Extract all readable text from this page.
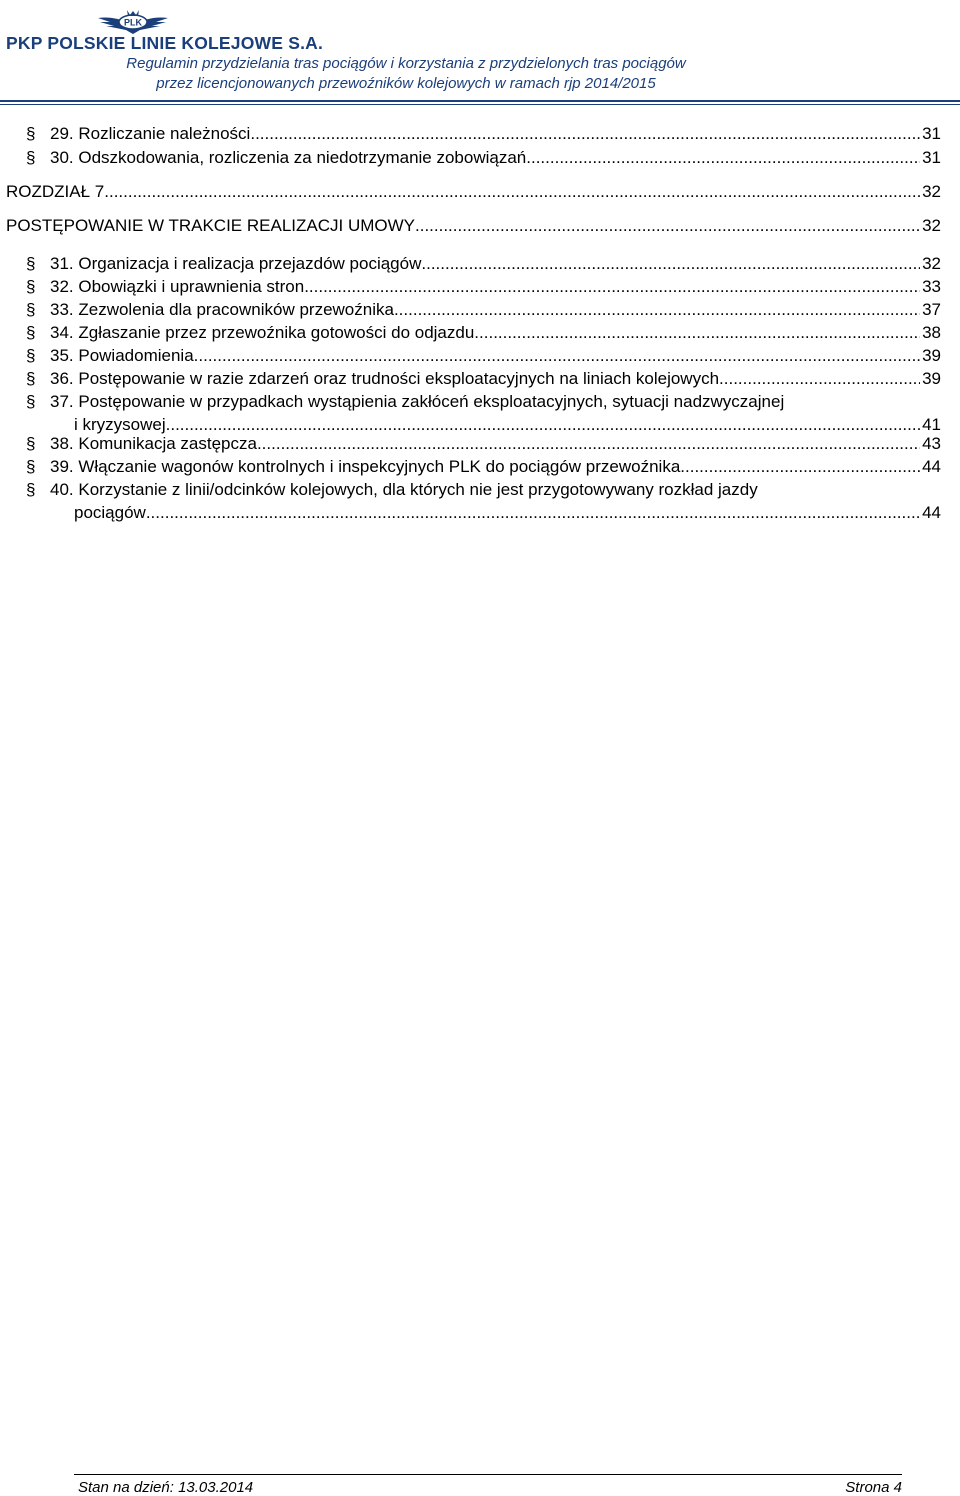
PLK
PKP POLSKIE LINIE KOLEJOWE S.A.
Regulamin przydzielania tras pociągów i korzystania z przydzielonych tras pociągów
przez licencjonowanych przewoźników kolejowych w ramach rjp 2014/2015
§ 29. Rozliczanie należności .....	31
§ 30. Odszkodowania, rozliczenia za niedotrzymanie zobowiązań .....	31
ROZDZIAŁ 7 .....	32
POSTĘPOWANIE W TRAKCIE REALIZACJI UMOWY .....	32
§ 31. Organizacja i realizacja przejazdów pociągów .....	32
§ 32. Obowiązki i uprawnienia stron .....	33
§ 33. Zezwolenia dla pracowników przewoźnika .....	37
§ 34. Zgłaszanie przez przewoźnika gotowości do odjazdu .....	38
§ 35. Powiadomienia .....	39
§ 36. Postępowanie w razie zdarzeń oraz trudności eksploatacyjnych na liniach kolejowych .....	39
§ 37. Postępowanie w przypadkach wystąpienia zakłóceń eksploatacyjnych, sytuacji nadzwyczajnej
i kryzysowej .....	41
§ 38. Komunikacja zastępcza .....	43
§ 39. Włączanie wagonów kontrolnych i inspekcyjnych PLK do pociągów przewoźnika .....	44
§ 40. Korzystanie z linii/odcinków kolejowych, dla których nie jest przygotowywany rozkład jazdy
pociągów .....	44
Stan na dzień: 13.03.2014	Strona 4
